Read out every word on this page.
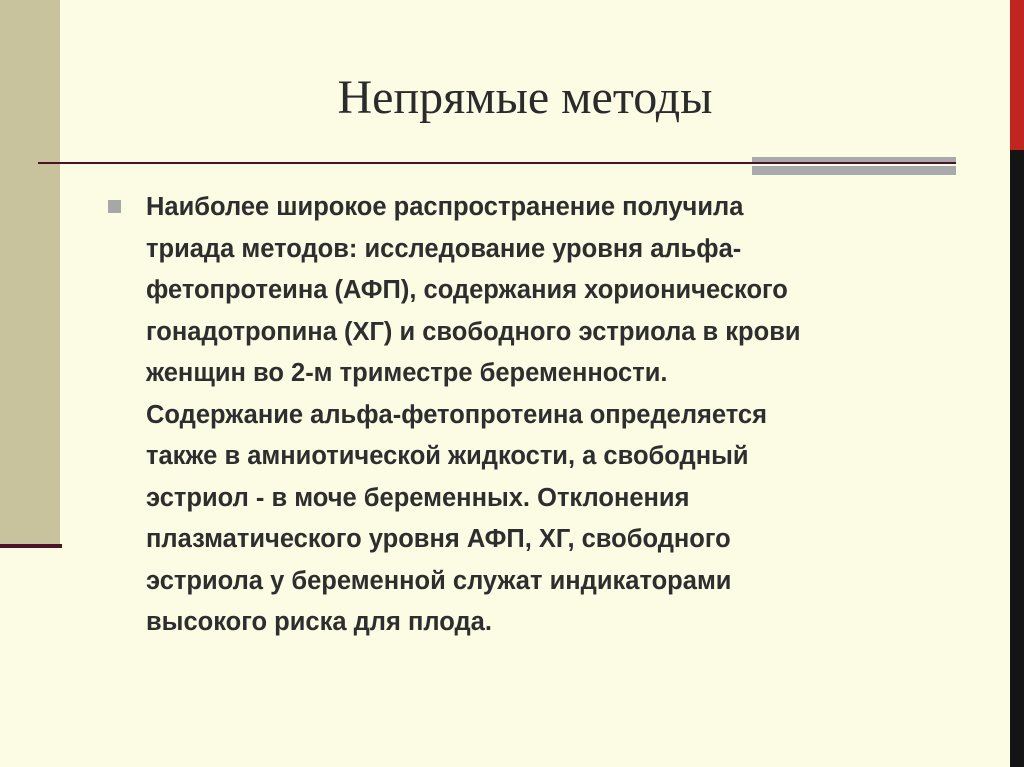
Непрямые методы

Наиболее широкое распространение получила
триада методов: исследование уровня альфа-
фетопротеина (АФП), содержания хорионического
гонадотропина (ХГ) и свободного эстриола в крови
женщин во 2-м триместре беременности.
Содержание альфа-фетопротеина определяется
также в амниотической жидкости, а свободный
эстриол - в моче беременных. Отклонения
плазматического уровня АФП, ХГ, свободного
эстриола у беременной служат индикаторами
высокого риска для плода.
